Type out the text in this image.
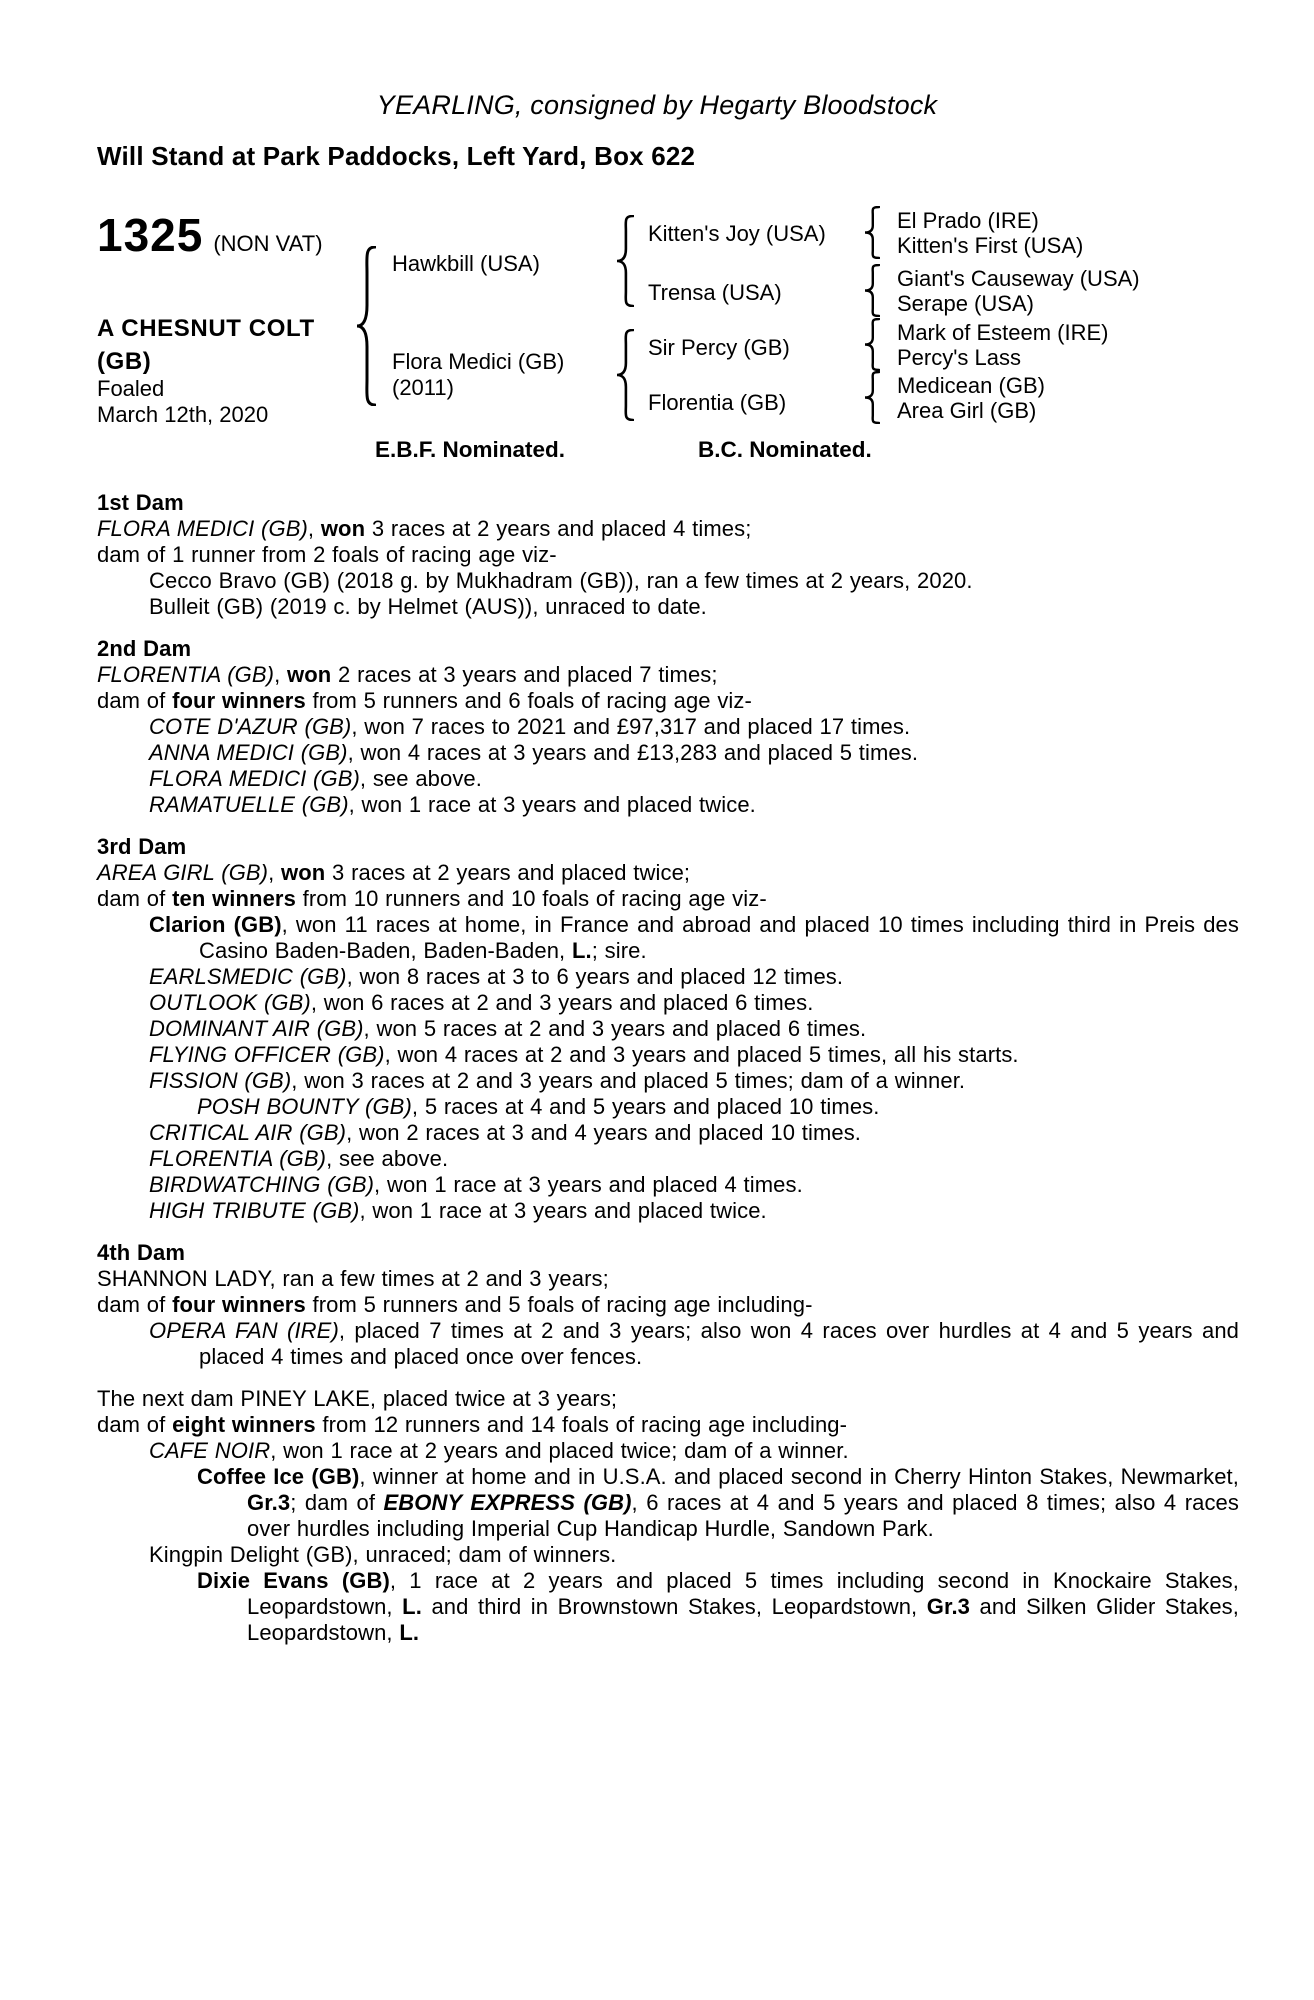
YEARLING, consigned by Hegarty Bloodstock
Will Stand at Park Paddocks, Left Yard, Box 622
1325 (NON VAT)
A CHESNUT COLT
(GB)
Foaled
March 12th, 2020
Hawkbill (USA)
Flora Medici (GB)
(2011)
Kitten's Joy (USA)
Trensa (USA)
Sir Percy (GB)
Florentia (GB)
El Prado (IRE)
Kitten's First (USA)
Giant's Causeway (USA)
Serape (USA)
Mark of Esteem (IRE)
Percy's Lass
Medicean (GB)
Area Girl (GB)
E.B.F. Nominated.	B.C. Nominated.
1st Dam

FLORA MEDICI (GB), won 3 races at 2 years and placed 4 times;

dam of 1 runner from 2 foals of racing age viz-

Cecco Bravo (GB) (2018 g. by Mukhadram (GB)), ran a few times at 2 years, 2020.

Bulleit (GB) (2019 c. by Helmet (AUS)), unraced to date.

2nd Dam

FLORENTIA (GB), won 2 races at 3 years and placed 7 times;

dam of four winners from 5 runners and 6 foals of racing age viz-

COTE D'AZUR (GB), won 7 races to 2021 and £97,317 and placed 17 times.

ANNA MEDICI (GB), won 4 races at 3 years and £13,283 and placed 5 times.

FLORA MEDICI (GB), see above.

RAMATUELLE (GB), won 1 race at 3 years and placed twice.

3rd Dam

AREA GIRL (GB), won 3 races at 2 years and placed twice;

dam of ten winners from 10 runners and 10 foals of racing age viz-

Clarion (GB), won 11 races at home, in France and abroad and placed 10 times including third in Preis des Casino Baden-Baden, Baden-Baden, L.; sire.

EARLSMEDIC (GB), won 8 races at 3 to 6 years and placed 12 times.

OUTLOOK (GB), won 6 races at 2 and 3 years and placed 6 times.

DOMINANT AIR (GB), won 5 races at 2 and 3 years and placed 6 times.

FLYING OFFICER (GB), won 4 races at 2 and 3 years and placed 5 times, all his starts.

FISSION (GB), won 3 races at 2 and 3 years and placed 5 times; dam of a winner.

POSH BOUNTY (GB), 5 races at 4 and 5 years and placed 10 times.

CRITICAL AIR (GB), won 2 races at 3 and 4 years and placed 10 times.

FLORENTIA (GB), see above.

BIRDWATCHING (GB), won 1 race at 3 years and placed 4 times.

HIGH TRIBUTE (GB), won 1 race at 3 years and placed twice.

4th Dam

SHANNON LADY, ran a few times at 2 and 3 years;

dam of four winners from 5 runners and 5 foals of racing age including-

OPERA FAN (IRE), placed 7 times at 2 and 3 years; also won 4 races over hurdles at 4 and 5 years and placed 4 times and placed once over fences.

The next dam PINEY LAKE, placed twice at 3 years;

dam of eight winners from 12 runners and 14 foals of racing age including-

CAFE NOIR, won 1 race at 2 years and placed twice; dam of a winner.

Coffee Ice (GB), winner at home and in U.S.A. and placed second in Cherry Hinton Stakes, Newmarket, Gr.3; dam of EBONY EXPRESS (GB), 6 races at 4 and 5 years and placed 8 times; also 4 races over hurdles including Imperial Cup Handicap Hurdle, Sandown Park.

Kingpin Delight (GB), unraced; dam of winners.

Dixie Evans (GB), 1 race at 2 years and placed 5 times including second in Knockaire Stakes, Leopardstown, L. and third in Brownstown Stakes, Leopardstown, Gr.3 and Silken Glider Stakes, Leopardstown, L.
